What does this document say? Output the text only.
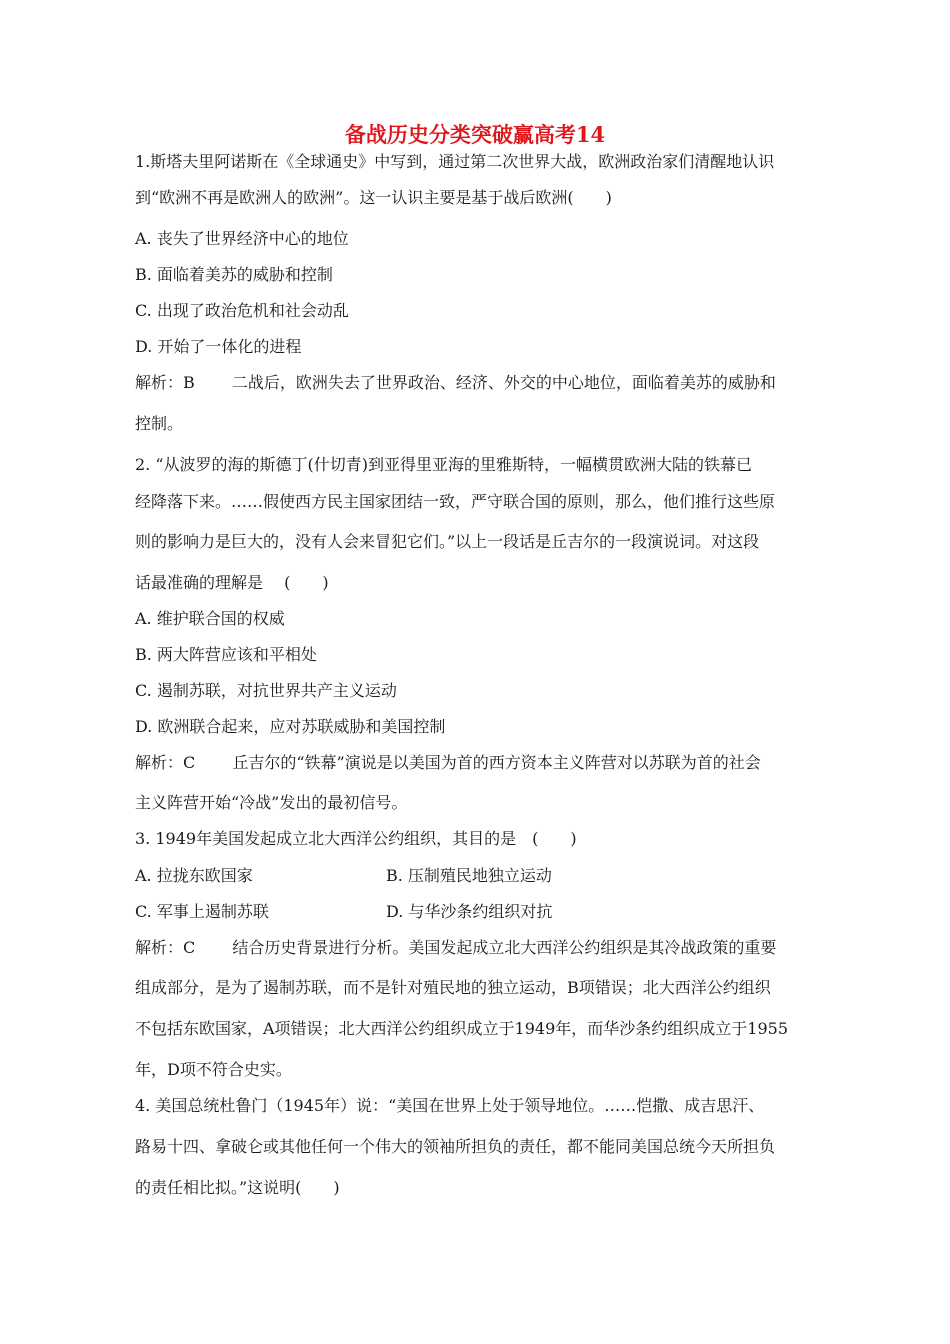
备战历史分类突破赢高考14
1.斯塔夫里阿诺斯在《全球通史》中写到，通过第二次世界大战，欧洲政治家们清醒地认识
到“欧洲不再是欧洲人的欧洲”。这一认识主要是基于战后欧洲(　　)
A. 丧失了世界经济中心的地位
B. 面临着美苏的威胁和控制
C. 出现了政治危机和社会动乱
D. 开始了一体化的进程
解析：B　　 二战后，欧洲失去了世界政治、经济、外交的中心地位，面临着美苏的威胁和
控制。
2. “从波罗的海的斯德丁(什切青)到亚得里亚海的里雅斯特，一幅横贯欧洲大陆的铁幕已
经降落下来。……假使西方民主国家团结一致，严守联合国的原则，那么，他们推行这些原
则的影响力是巨大的，没有人会来冒犯它们。”以上一段话是丘吉尔的一段演说词。对这段
话最准确的理解是　 (　　)
A. 维护联合国的权威
B. 两大阵营应该和平相处
C. 遏制苏联，对抗世界共产主义运动
D. 欧洲联合起来，应对苏联威胁和美国控制
解析：C　　 丘吉尔的“铁幕”演说是以美国为首的西方资本主义阵营对以苏联为首的社会
主义阵营开始“冷战”发出的最初信号。
3. 1949年美国发起成立北大西洋公约组织，其目的是　(　　)
A. 拉拢东欧国家	B. 压制殖民地独立运动
C. 军事上遏制苏联	D. 与华沙条约组织对抗
解析：C　　 结合历史背景进行分析。美国发起成立北大西洋公约组织是其冷战政策的重要
组成部分，是为了遏制苏联，而不是针对殖民地的独立运动，B项错误；北大西洋公约组织
不包括东欧国家，A项错误；北大西洋公约组织成立于1949年，而华沙条约组织成立于1955
年，D项不符合史实。
4. 美国总统杜鲁门（1945年）说：“美国在世界上处于领导地位。……恺撒、成吉思汗、
路易十四、拿破仑或其他任何一个伟大的领袖所担负的责任，都不能同美国总统今天所担负
的责任相比拟。”这说明(　　)
